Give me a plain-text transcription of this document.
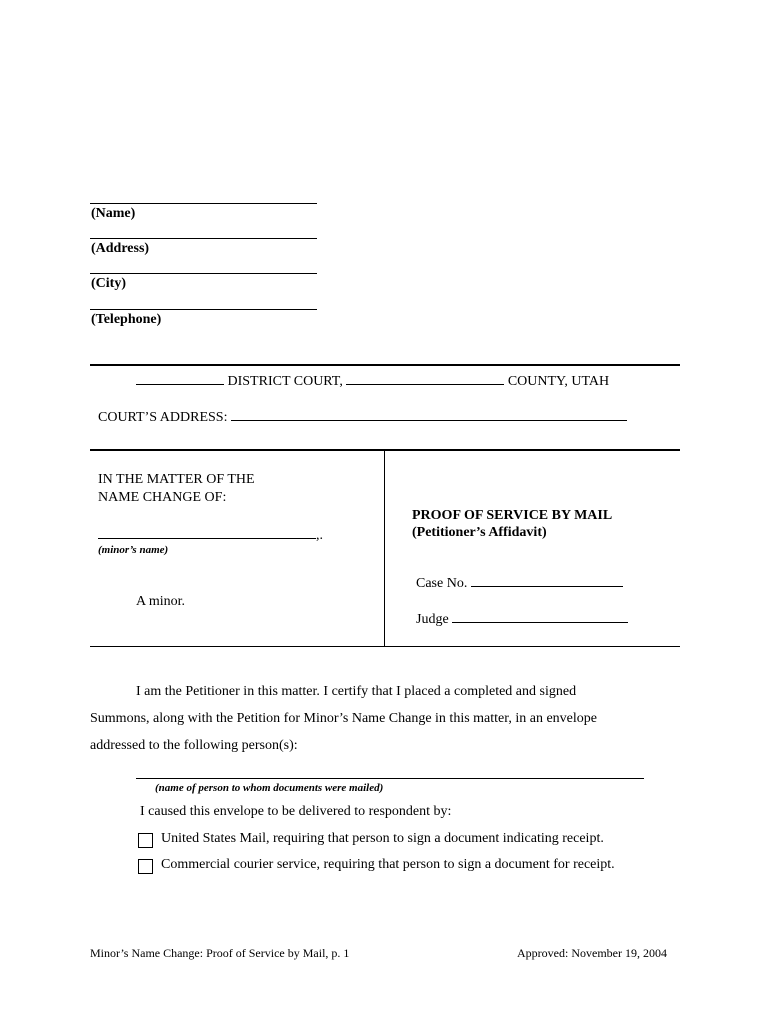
(Name)
(Address)
(City)
(Telephone)
DISTRICT COURT,	COUNTY, UTAH
COURT’S ADDRESS:
IN THE MATTER OF THE
NAME CHANGE OF:
,.
(minor’s name)
A minor.
PROOF OF SERVICE BY MAIL
(Petitioner’s Affidavit)
Case No.
Judge
I am the Petitioner in this matter. I certify that I placed a completed and signed
Summons, along with the Petition for Minor’s Name Change in this matter, in an envelope
addressed to the following person(s):
(name of person to whom documents were mailed)
I caused this envelope to be delivered to respondent by:
United States Mail, requiring that person to sign a document indicating receipt.
Commercial courier service, requiring that person to sign a document for receipt.
Minor’s Name Change: Proof of Service by Mail, p. 1	Approved: November 19, 2004
